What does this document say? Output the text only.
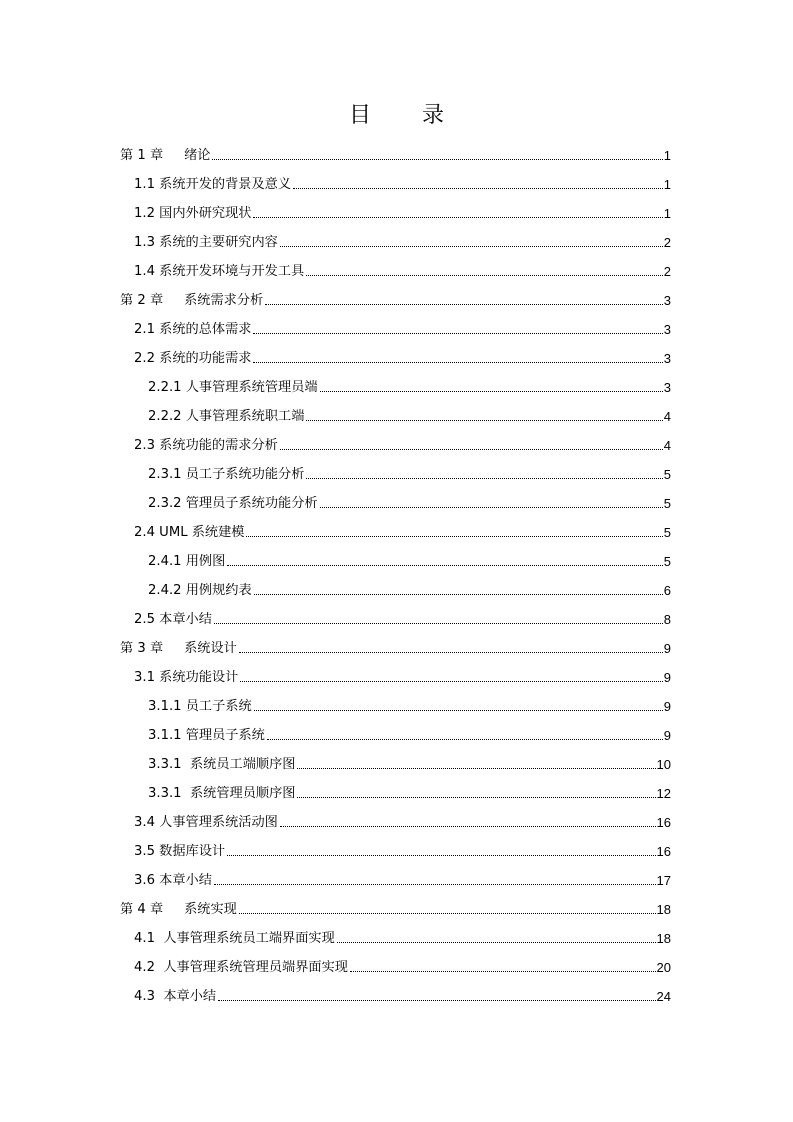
目 录
第 1 章     绪论	1
1.1 系统开发的背景及意义	1
1.2 国内外研究现状	1
1.3 系统的主要研究内容	2
1.4 系统开发环境与开发工具	2
第 2 章     系统需求分析	3
2.1 系统的总体需求	3
2.2 系统的功能需求	3
2.2.1 人事管理系统管理员端	3
2.2.2 人事管理系统职工端	4
2.3 系统功能的需求分析	4
2.3.1 员工子系统功能分析	5
2.3.2 管理员子系统功能分析	5
2.4 UML 系统建模	5
2.4.1 用例图	5
2.4.2 用例规约表	6
2.5 本章小结	8
第 3 章     系统设计	9
3.1 系统功能设计	9
3.1.1 员工子系统	9
3.1.1 管理员子系统	9
3.3.1  系统员工端顺序图	10
3.3.1  系统管理员顺序图	12
3.4 人事管理系统活动图	16
3.5 数据库设计	16
3.6 本章小结	17
第 4 章     系统实现	18
4.1  人事管理系统员工端界面实现	18
4.2  人事管理系统管理员端界面实现	20
4.3  本章小结	24
